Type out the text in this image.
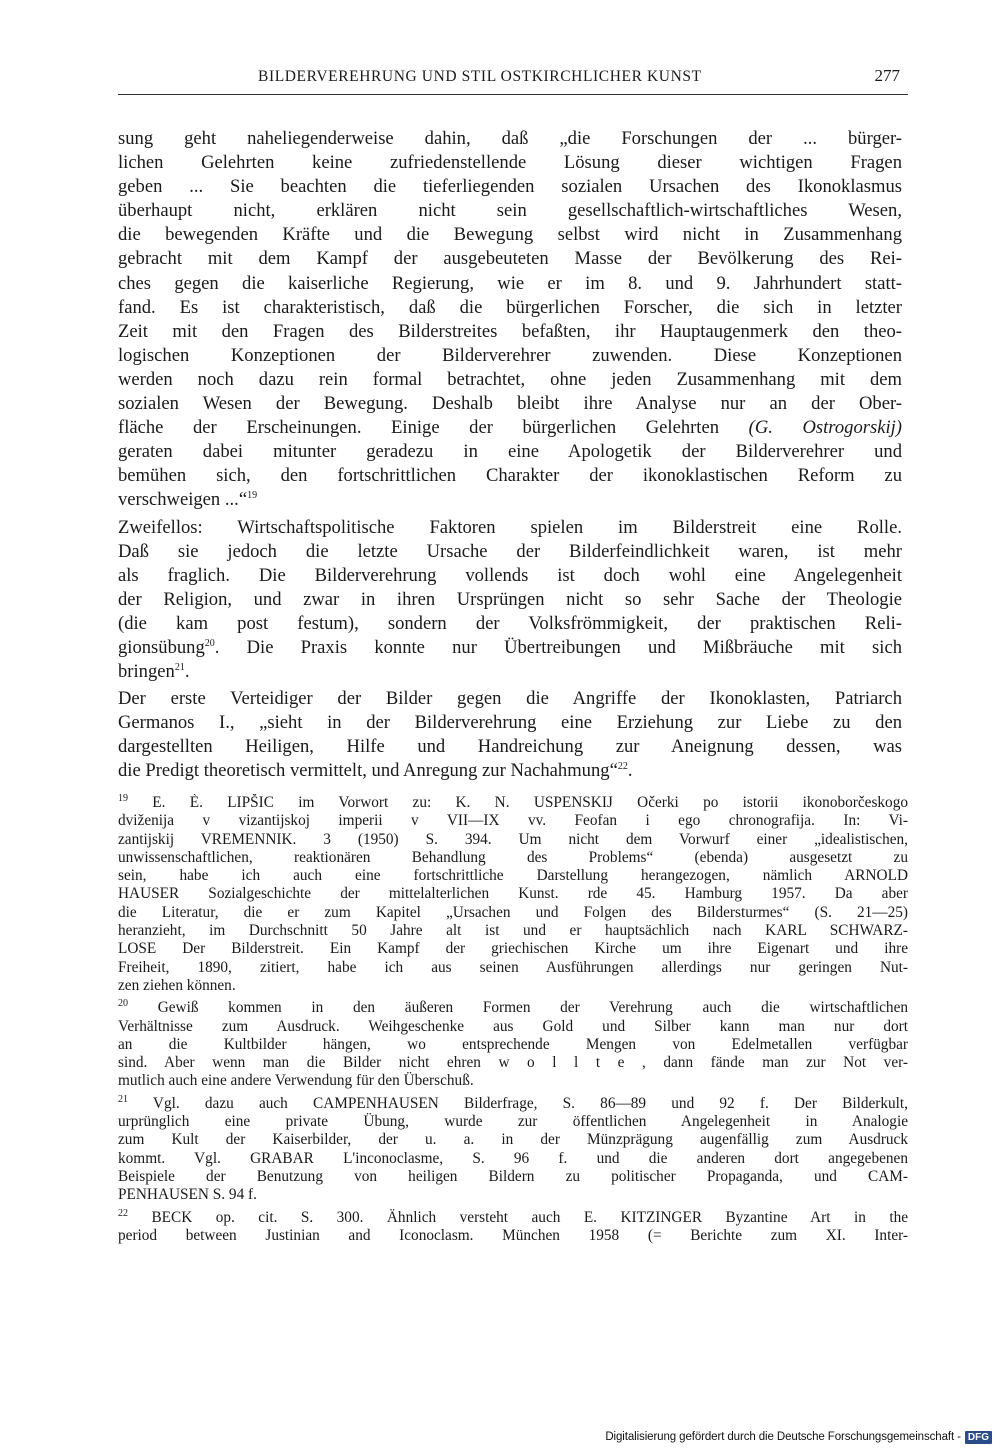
BILDERVEREHRUNG UND STIL OSTKIRCHLICHER KUNST	277
sung geht naheliegenderweise dahin, daß „die Forschungen der ... bürger-
lichen Gelehrten keine zufriedenstellende Lösung dieser wichtigen Fragen
geben ... Sie beachten die tieferliegenden sozialen Ursachen des Ikonoklasmus
überhaupt nicht, erklären nicht sein gesellschaftlich-wirtschaftliches Wesen,
die bewegenden Kräfte und die Bewegung selbst wird nicht in Zusammenhang
gebracht mit dem Kampf der ausgebeuteten Masse der Bevölkerung des Rei-
ches gegen die kaiserliche Regierung, wie er im 8. und 9. Jahrhundert statt-
fand. Es ist charakteristisch, daß die bürgerlichen Forscher, die sich in letzter
Zeit mit den Fragen des Bilderstreites befaßten, ihr Hauptaugenmerk den theo-
logischen Konzeptionen der Bilderverehrer zuwenden. Diese Konzeptionen
werden noch dazu rein formal betrachtet, ohne jeden Zusammenhang mit dem
sozialen Wesen der Bewegung. Deshalb bleibt ihre Analyse nur an der Ober-
fläche der Erscheinungen. Einige der bürgerlichen Gelehrten (G. Ostrogorskij)
geraten dabei mitunter geradezu in eine Apologetik der Bilderverehrer und
bemühen sich, den fortschrittlichen Charakter der ikonoklastischen Reform zu
verschweigen ...“$^{19}$
Zweifellos: Wirtschaftspolitische Faktoren spielen im Bilderstreit eine Rolle.
Daß sie jedoch die letzte Ursache der Bilderfeindlichkeit waren, ist mehr
als fraglich. Die Bilderverehrung vollends ist doch wohl eine Angelegenheit
der Religion, und zwar in ihren Ursprüngen nicht so sehr Sache der Theologie
(die kam post festum), sondern der Volksfrömmigkeit, der praktischen Reli-
gionsübung$^{20}$. Die Praxis konnte nur Übertreibungen und Mißbräuche mit sich
bringen$^{21}$.
Der erste Verteidiger der Bilder gegen die Angriffe der Ikonoklasten, Patriarch
Germanos I., „sieht in der Bilderverehrung eine Erziehung zur Liebe zu den
dargestellten Heiligen, Hilfe und Handreichung zur Aneignung dessen, was
die Predigt theoretisch vermittelt, und Anregung zur Nachahmung“$^{22}$.
$^{19}$ E. È. LIPŠIC im Vorwort zu: K. N. USPENSKIJ Očerki po istorii ikonoborčeskogo
dviženija v vizantijskoj imperii v VII—IX vv. Feofan i ego chronografija. In: Vi-
zantijskij VREMENNIK. 3 (1950) S. 394. Um nicht dem Vorwurf einer „idealistischen,
unwissenschaftlichen, reaktionären Behandlung des Problems“ (ebenda) ausgesetzt zu
sein, habe ich auch eine fortschrittliche Darstellung herangezogen, nämlich ARNOLD
HAUSER Sozialgeschichte der mittelalterlichen Kunst. rde 45. Hamburg 1957. Da aber
die Literatur, die er zum Kapitel „Ursachen und Folgen des Bildersturmes“ (S. 21—25)
heranzieht, im Durchschnitt 50 Jahre alt ist und er hauptsächlich nach KARL SCHWARZ-
LOSE Der Bilderstreit. Ein Kampf der griechischen Kirche um ihre Eigenart und ihre
Freiheit, 1890, zitiert, habe ich aus seinen Ausführungen allerdings nur geringen Nut-
zen ziehen können.
$^{20}$ Gewiß kommen in den äußeren Formen der Verehrung auch die wirtschaftlichen
Verhältnisse zum Ausdruck. Weihgeschenke aus Gold und Silber kann man nur dort
an die Kultbilder hängen, wo entsprechende Mengen von Edelmetallen verfügbar
sind. Aber wenn man die Bilder nicht ehren w o l l t e , dann fände man zur Not ver-
mutlich auch eine andere Verwendung für den Überschuß.
$^{21}$ Vgl. dazu auch CAMPENHAUSEN Bilderfrage, S. 86—89 und 92 f. Der Bilderkult,
urprünglich eine private Übung, wurde zur öffentlichen Angelegenheit in Analogie
zum Kult der Kaiserbilder, der u. a. in der Münzprägung augenfällig zum Ausdruck
kommt. Vgl. GRABAR L'inconoclasme, S. 96 f. und die anderen dort angegebenen
Beispiele der Benutzung von heiligen Bildern zu politischer Propaganda, und CAM-
PENHAUSEN S. 94 f.
$^{22}$ BECK op. cit. S. 300. Ähnlich versteht auch E. KITZINGER Byzantine Art in the
period between Justinian and Iconoclasm. München 1958 (= Berichte zum XI. Inter-
Digitalisierung gefördert durch die Deutsche Forschungsgemeinschaft - DFG
